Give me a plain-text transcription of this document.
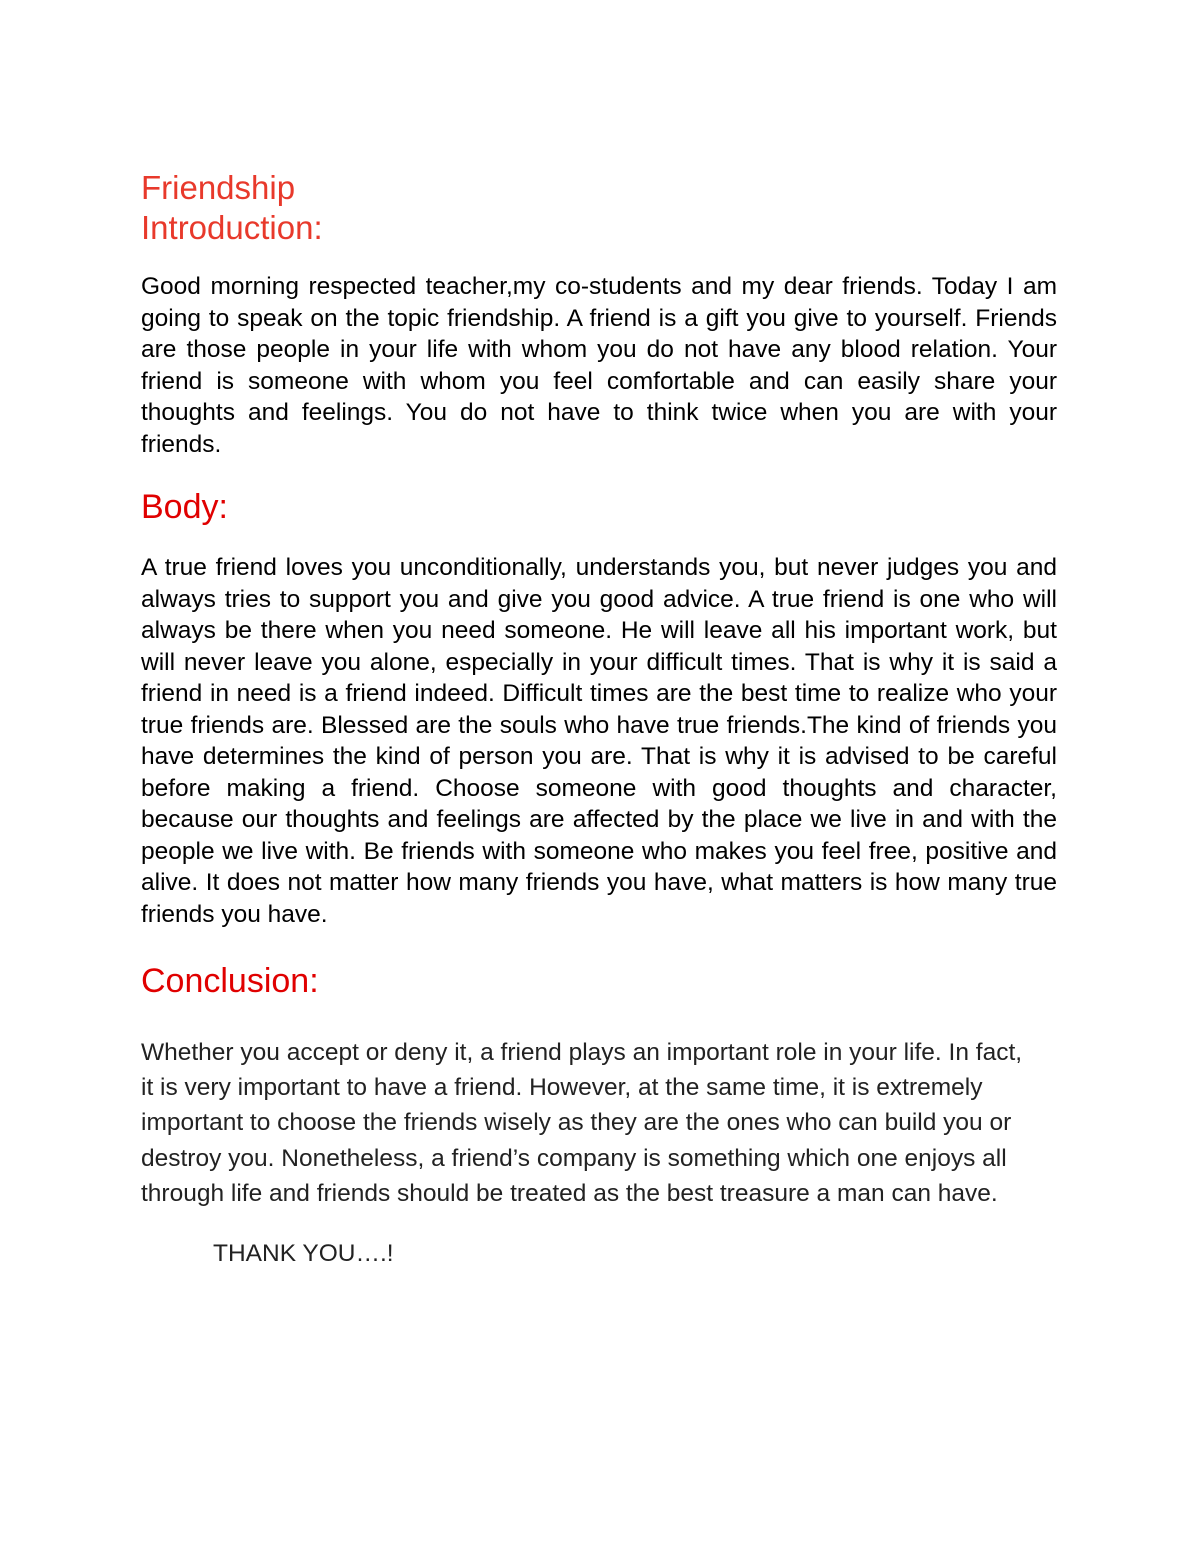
Friendship
Introduction:

Good morning respected teacher,my co-students and my dear friends. Today I am going to speak on the topic friendship. A friend is a gift you give to yourself. Friends are those people in your life with whom you do not have any blood relation. Your friend is someone with whom you feel comfortable and can easily share your thoughts and feelings. You do not have to think twice when you are with your friends.

Body:

A true friend loves you unconditionally, understands you, but never judges you and always tries to support you and give you good advice. A true friend is one who will always be there when you need someone. He will leave all his important work, but will never leave you alone, especially in your difficult times. That is why it is said a friend in need is a friend indeed. Difficult times are the best time to realize who your true friends are. Blessed are the souls who have true friends.The kind of friends you have determines the kind of person you are. That is why it is advised to be careful before making a friend. Choose someone with good thoughts and character, because our thoughts and feelings are affected by the place we live in and with the people we live with. Be friends with someone who makes you feel free, positive and alive. It does not matter how many friends you have, what matters is how many true friends you have.

Conclusion:

Whether you accept or deny it, a friend plays an important role in your life. In fact, it is very important to have a friend. However, at the same time, it is extremely important to choose the friends wisely as they are the ones who can build you or destroy you. Nonetheless, a friend’s company is something which one enjoys all through life and friends should be treated as the best treasure a man can have.

THANK YOU….!
